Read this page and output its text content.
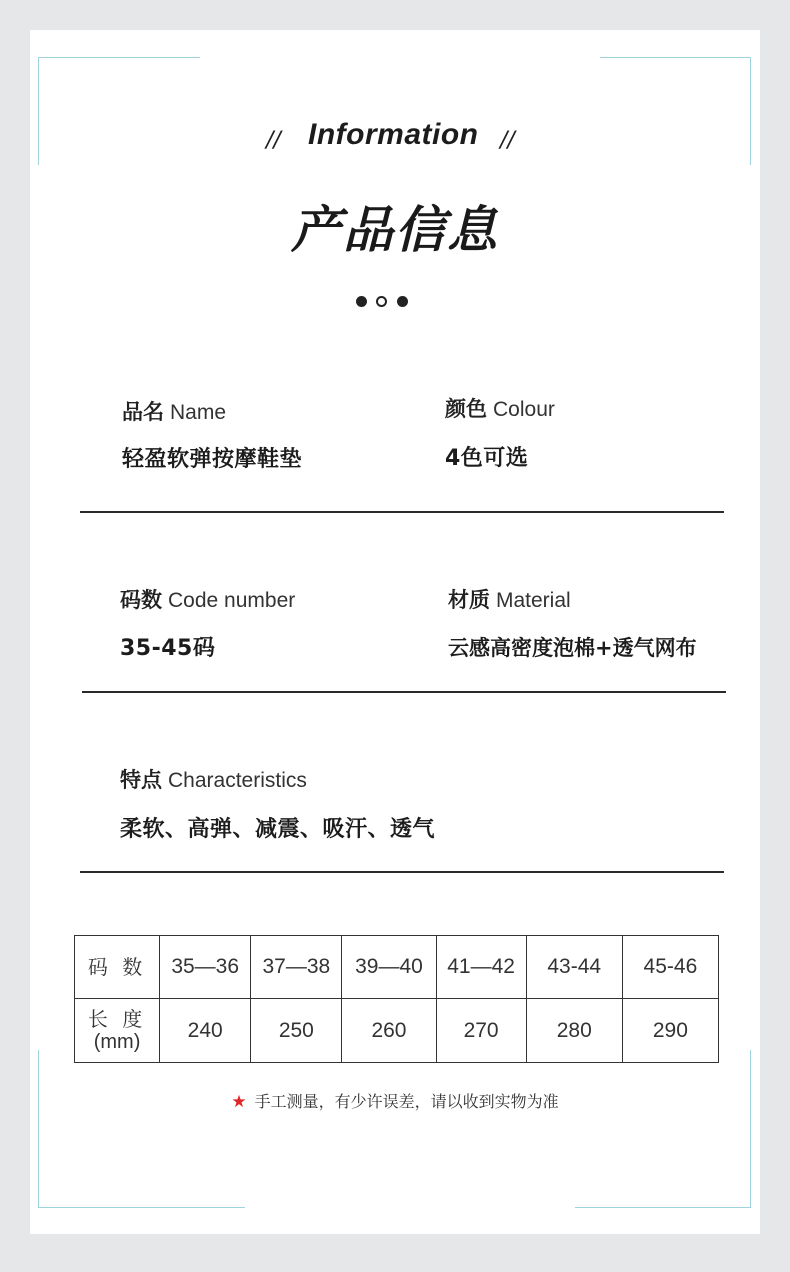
// Information //
产品信息
品名 Name
轻盈软弹按摩鞋垫
颜色 Colour
4色可选
码数 Code number
35-45码
材质 Material
云感高密度泡棉+透气网布
特点 Characteristics
柔软、高弹、减震、吸汗、透气
码 数	35—36	37—38	39—40	41—42	43-44	45-46

长 度
(mm)	240	250	260	270	280	290
★ 手工测量，有少许误差，请以收到实物为准
